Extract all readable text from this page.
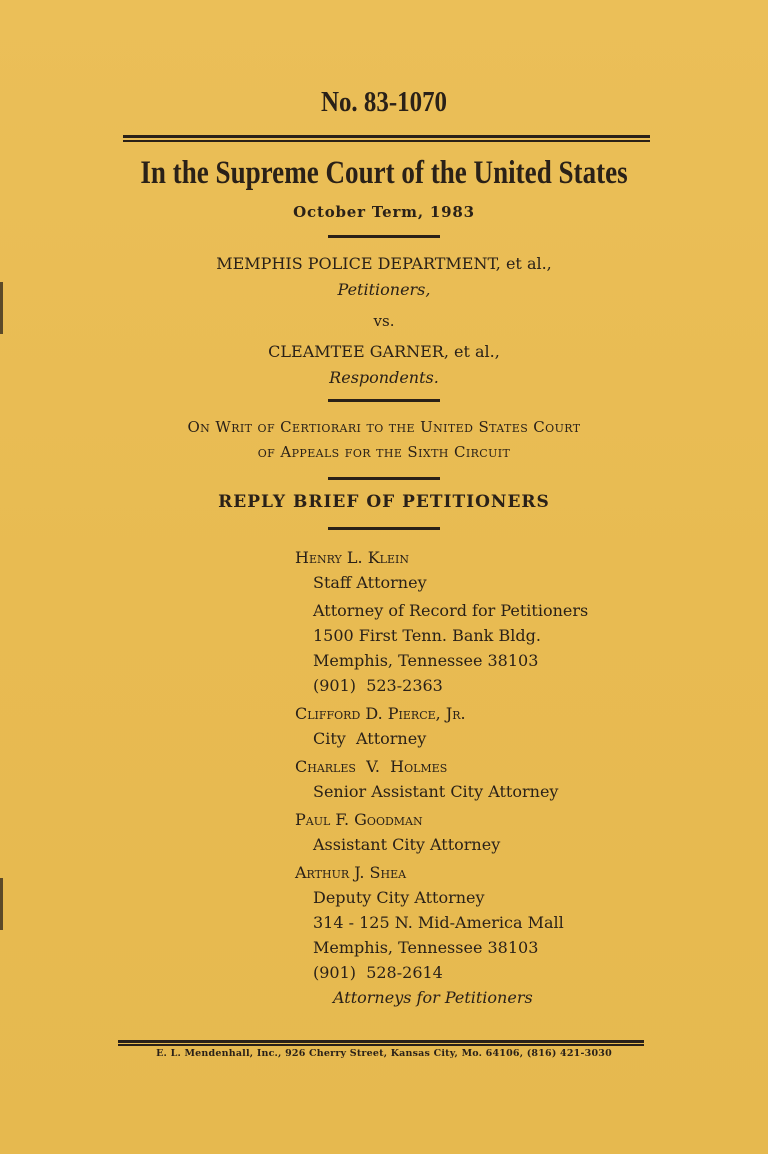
No. 83-1070
In the Supreme Court of the United States
October Term, 1983
MEMPHIS POLICE DEPARTMENT, et al.,
Petitioners,
vs.
CLEAMTEE GARNER, et al.,
Respondents.
On Writ of Certiorari to the United States Court
of Appeals for the Sixth Circuit
REPLY BRIEF OF PETITIONERS
Henry L. Klein
Staff Attorney
Attorney of Record for Petitioners
1500 First Tenn. Bank Bldg.
Memphis, Tennessee 38103
(901)  523-2363
Clifford D. Pierce, Jr.
City  Attorney
Charles  V.  Holmes
Senior Assistant City Attorney
Paul F. Goodman
Assistant City Attorney
Arthur J. Shea
Deputy City Attorney
314 - 125 N. Mid-America Mall
Memphis, Tennessee 38103
(901)  528-2614
Attorneys for Petitioners
E. L. Mendenhall, Inc., 926 Cherry Street, Kansas City, Mo. 64106, (816) 421-3030
